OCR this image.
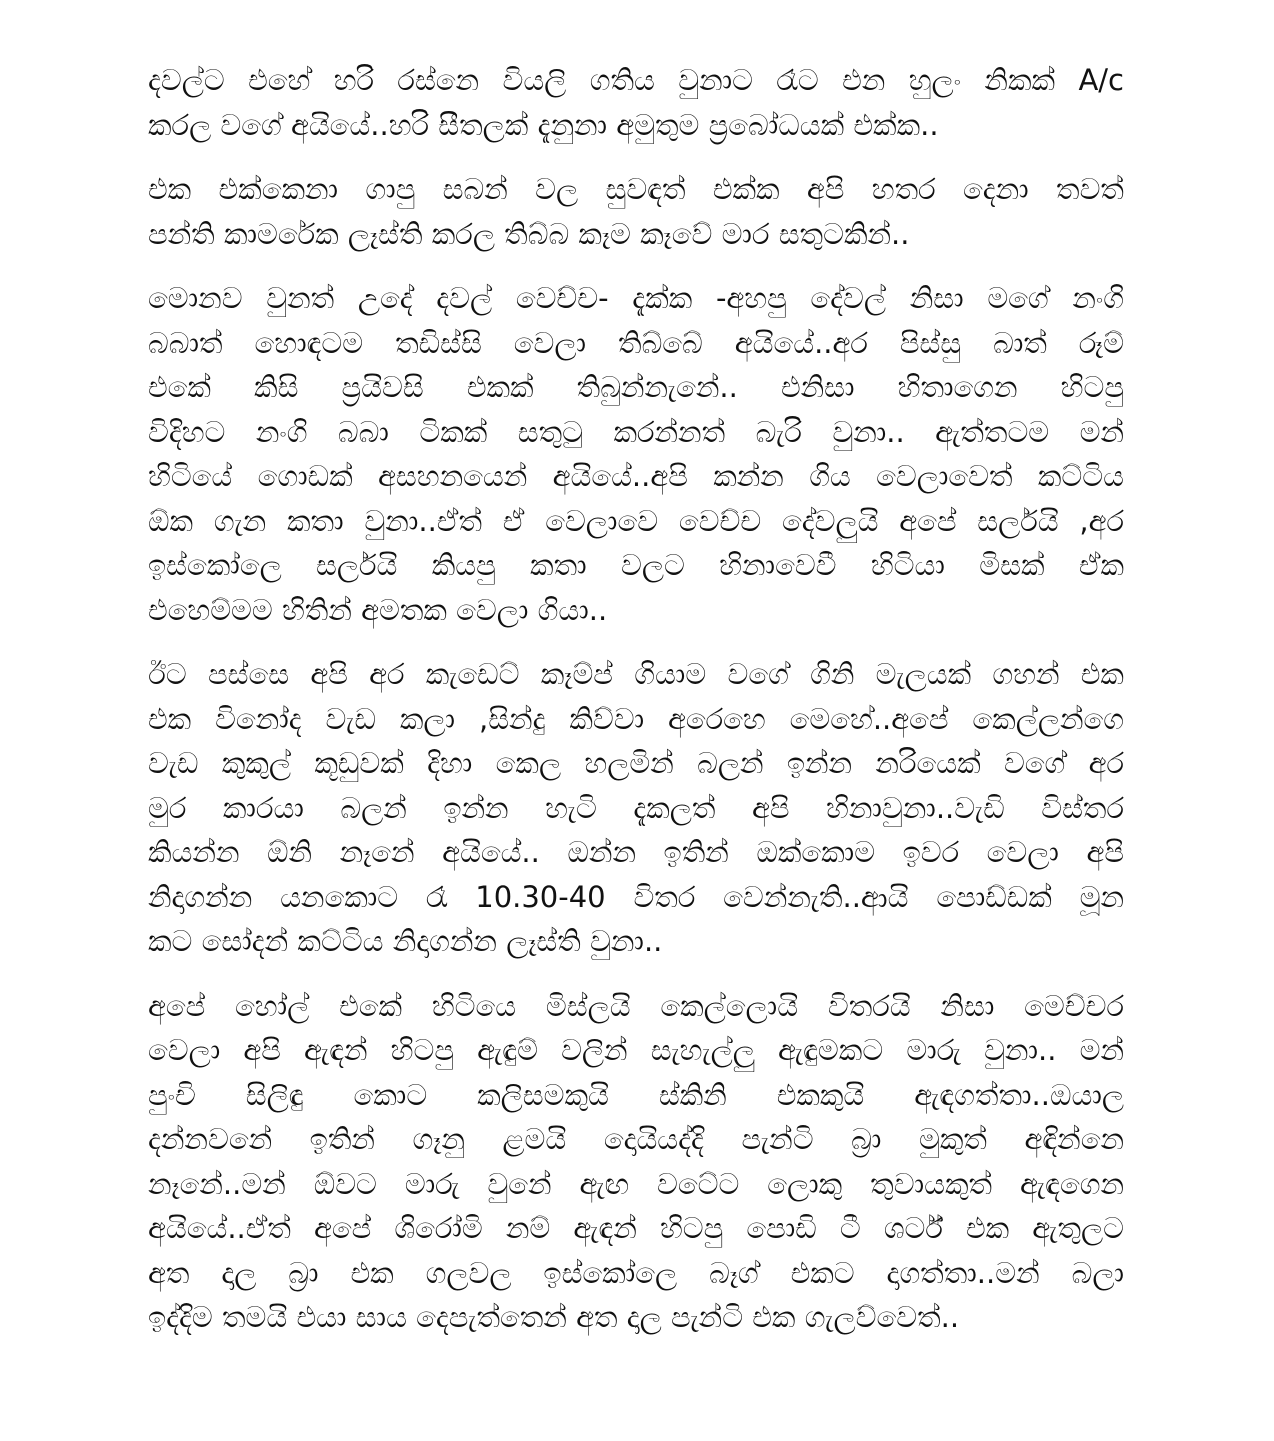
දවල්ට එහේ හරි රස්නෙ වියලි ගතිය වුනාට රෑට එන හුලං නිකක් A/c
කරල වගේ අයියේ..හරි සීතලක් දැනුනා අමුතුම ප්‍රබෝධයක් එක්ක..
එක එක්කෙනා ගාපු සබන් වල සුවඳත් එක්ක අපි හතර දෙනා තවත්
පන්ති කාමරේක ලෑස්ති කරල තිබ්බ කෑම කෑවේ මාර සතුටකින්..
මොනව වුනත් උදේ දවල් වෙච්ච- දැක්ක -අහපු දේවල් නිසා මගේ නංගි
බබාත් හොඳටම තඩිස්සි වෙලා තිබ්බේ අයියේ..අර පිස්සු බාත් රූම්
එකේ කිසි ප්‍රයිවසි එකක් තිබුන්නැනේ.. එනිසා හිතාගෙන හිටපු
විදිහට නංගි බබා ටිකක් සතුටු කරන්නත් බැරි වුනා.. ඇත්තටම මන්
හිටියේ ගොඩක් අසහනයෙන් අයියේ..අපි කන්න ගිය වෙලාවෙත් කට්ටිය
ඕක ගැන කතා වුනා..ඒත් ඒ වෙලාවෙ වෙච්ච දේවලුයි අපේ සර්ලයි ,අර
ඉස්කෝලෙ සර්ලයි කියපු කතා වලට හිනාවෙවී හිටියා මිසක් ඒක
එහෙම්මම හිතින් අමතක වෙලා ගියා..
ඊට පස්සෙ අපි අර කැඩෙට් කෑම්ප් ගියාම වගේ ගිනි මැලයක් ගහන් එක
එක විනෝද වැඩ කලා ,සින්දු කිව්වා අරෙහෙ මෙහේ..අපේ කෙල්ලන්ගෙ
වැඩ කුකුල් කූඩුවක් දිහා කෙල හලමින් බලන් ඉන්න නරියෙක් වගේ අර
මුර කාරයා බලන් ඉන්න හැටි දැකලත් අපි හිනාවුනා..වැඩි විස්තර
කියන්න ඕනි නෑනේ අයියේ.. ඔන්න ඉතින් ඔක්කොම ඉවර වෙලා අපි
නිදාගන්න යනකොට රෑ 10.30-40 විතර වෙන්නැති..ආයි පොඩ්ඩක් මූන
කට සෝදන් කට්ටිය නිදාගන්න ලෑස්ති වුනා..
අපේ හෝල් එකේ හිටියෙ මිස්ලයි කෙල්ලොයි විතරයි නිසා මෙච්චර
වෙලා අපි ඇඳන් හිටපු ඇඳුම් වලින් සැහැල්ලු ඇඳුමකට මාරු වුනා.. මන්
පුංචි සිලිඳු කොට කලිසමකුයි ස්කිනි එකකුයි ඇඳගත්තා..ඔයාල
දන්නවනේ ඉතින් ගෑනු ළමයි දොයියද්දි පැන්ටි බ්‍රා මුකුත් අඳින්නෙ
නෑනේ..මන් ඕවට මාරු වුනේ ඇඟ වටේට ලොකු තුවායකුත් ඇඳගෙන
අයියේ..ඒත් අපේ ශිරෝමි නම් ඇඳන් හිටපු පොඩි ටී ශර්ට් එක ඇතුලට
අත දාල බ්‍රා එක ගලවල ඉස්කෝලෙ බෑග් එකට දාගත්තා..මන් බලා
ඉද්දිම තමයි එයා සාය දෙපැත්තෙන් අත දාල පැන්ටි එක ගැලව්වෙත්..
